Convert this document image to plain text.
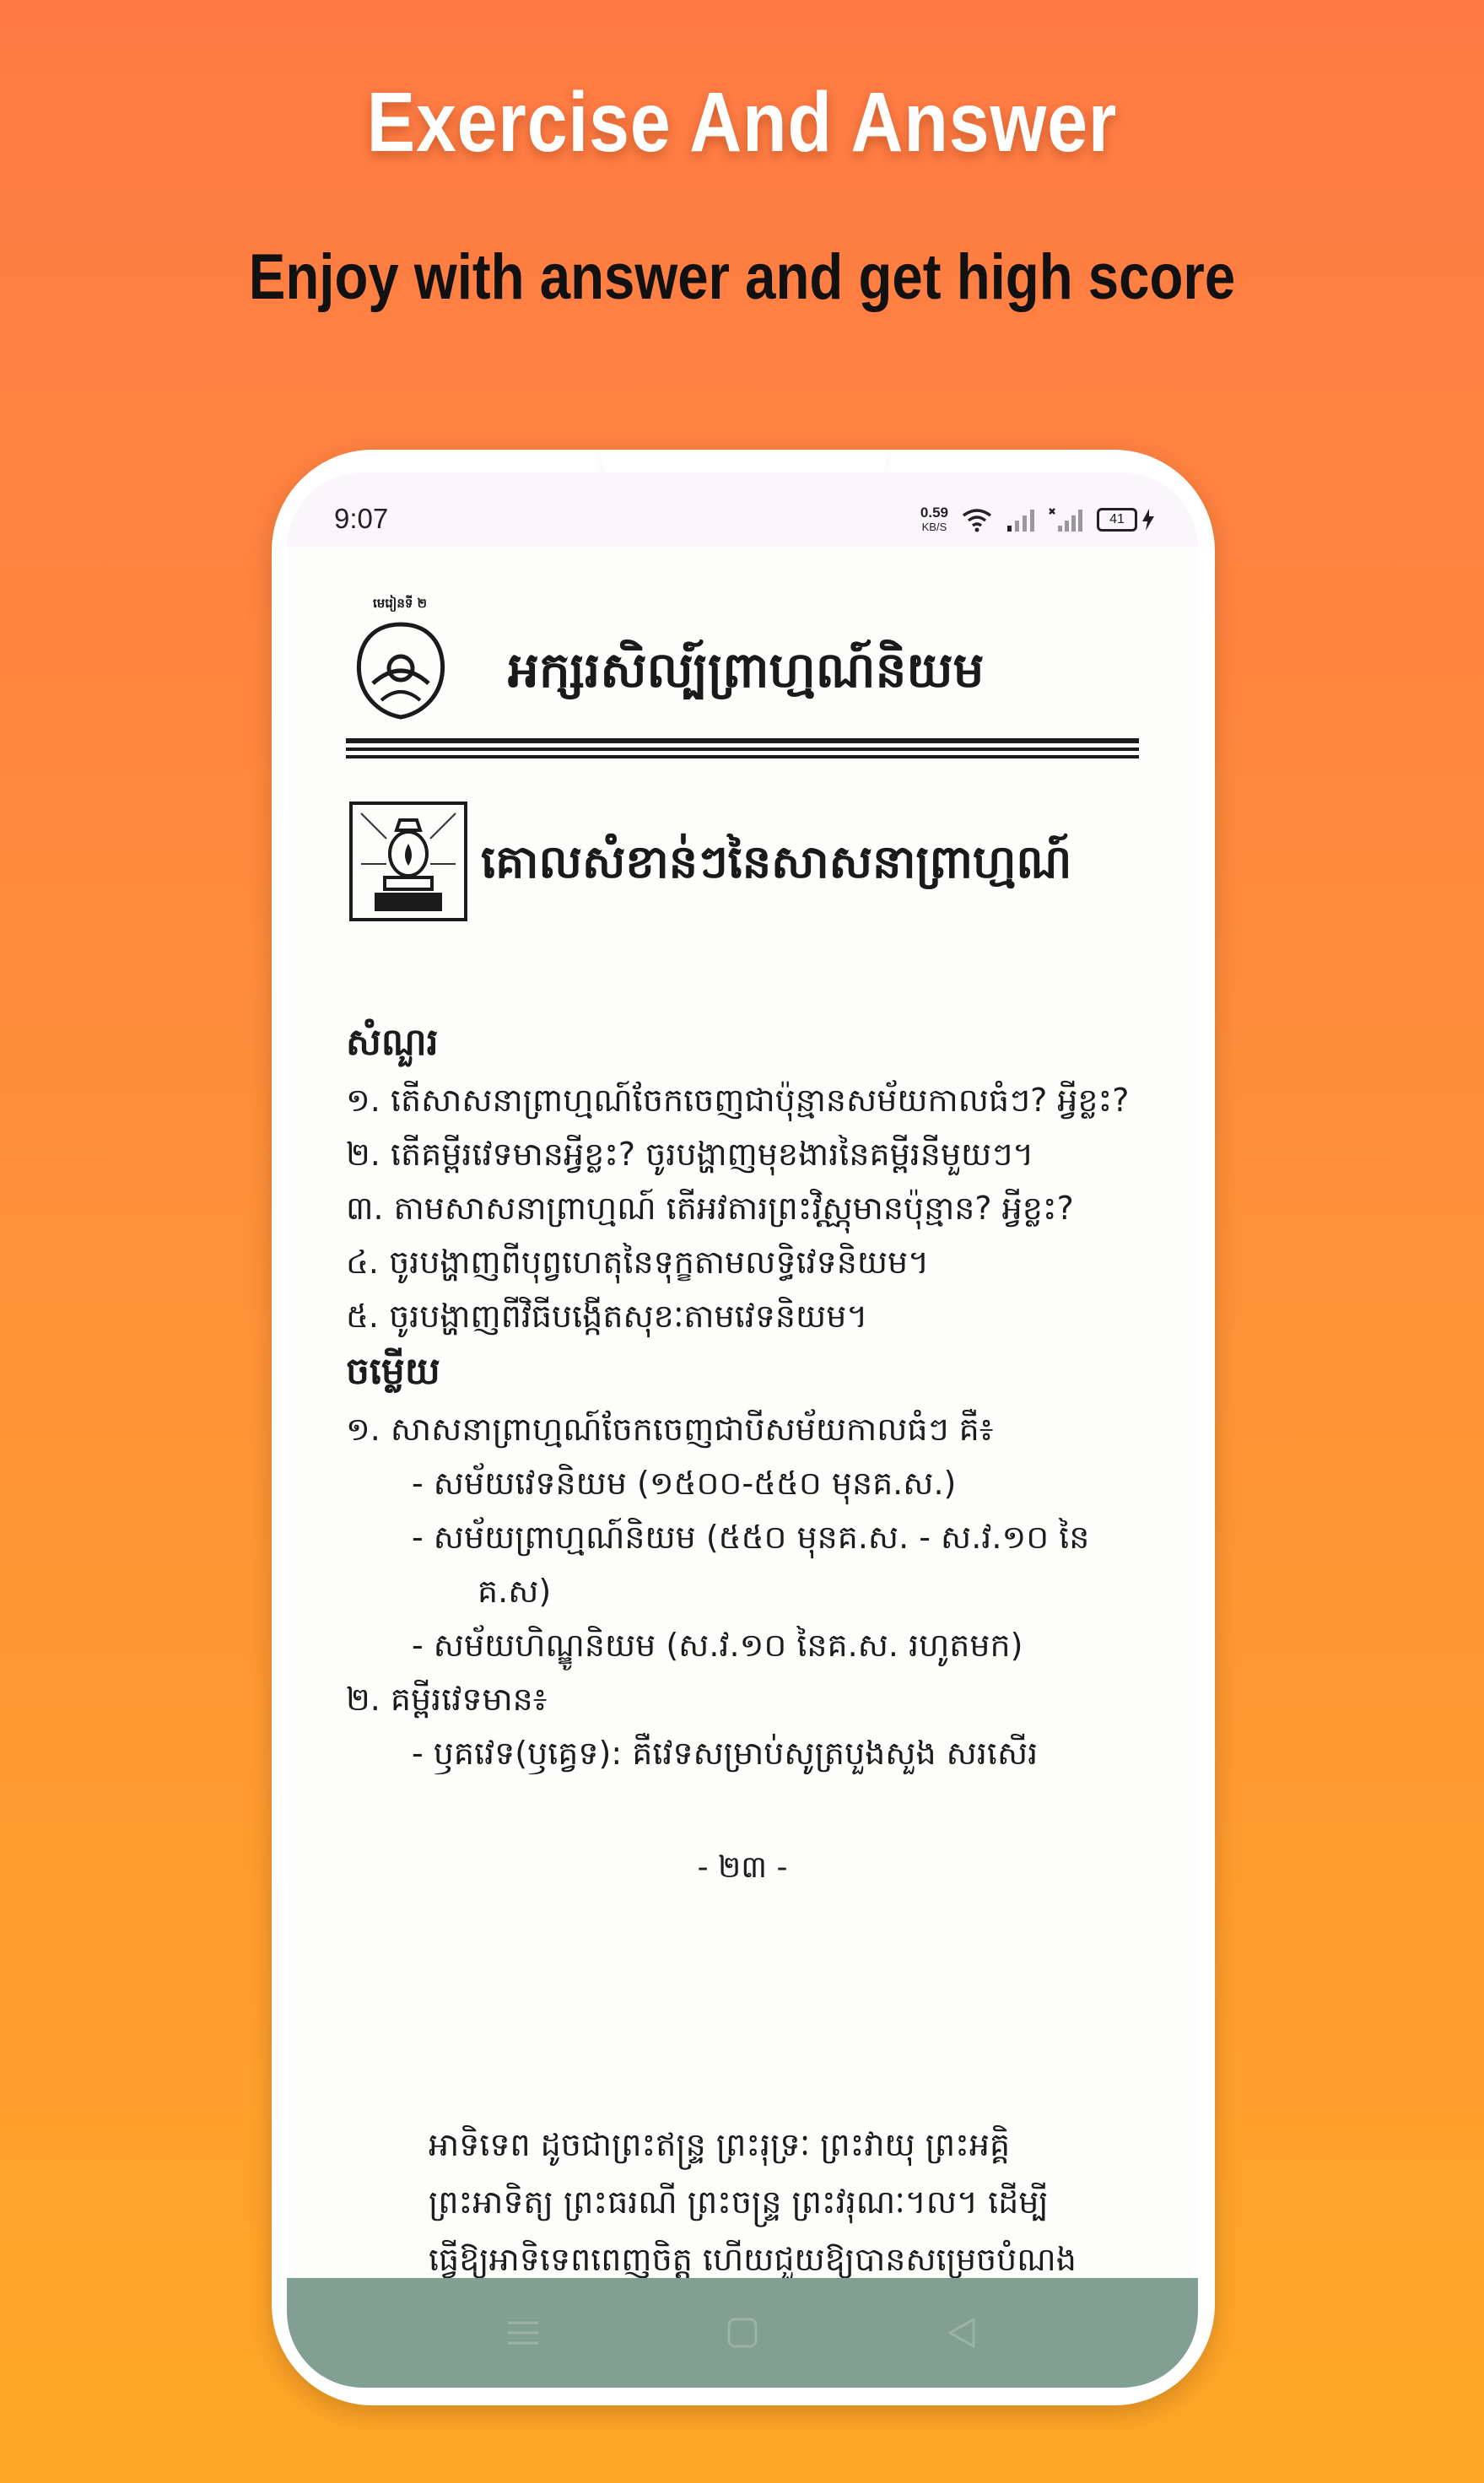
Exercise And Answer
Enjoy with answer and get high score
9:07	0.59
KB/S
41
មេរៀនទី ២
អក្សរសិល្ប៍ព្រាហ្មណ៍និយម
គោលសំខាន់ៗនៃសាសនាព្រាហ្មណ៍
សំណួរ
១. តើសាសនាព្រាហ្មណ៍ចែកចេញជាប៉ុន្មានសម័យកាលធំៗ? អ្វីខ្លះ?
២. តើគម្ពីរវេទមានអ្វីខ្លះ? ចូរបង្ហាញមុខងារនៃគម្ពីរនីមួយៗ។
៣. តាមសាសនាព្រាហ្មណ៍ តើអវតារព្រះវិស្ណុមានប៉ុន្មាន? អ្វីខ្លះ?
៤. ចូរបង្ហាញពីបុព្វហេតុនៃទុក្ខតាមលទ្ធិវេទនិយម។
៥. ចូរបង្ហាញពីវិធីបង្កើតសុខៈតាមវេទនិយម។
ចម្លើយ
១. សាសនាព្រាហ្មណ៍ចែកចេញជាបីសម័យកាលធំៗ គឺ៖
- សម័យវេទនិយម (១៥០០-៥៥០ មុនគ.ស.)
- សម័យព្រាហ្មណ៍និយម (៥៥០ មុនគ.ស. - ស.វ.១០ នៃ
គ.ស)
- សម័យហិណ្ឌូនិយម (ស.វ.១០ នៃគ.ស. រហូតមក)
២. គម្ពីរវេទមាន៖
- ឫគវេទ(ឫគ្វេទ): គឺវេទសម្រាប់សូត្របួងសួង សរសើរ
- ២៣ -
អាទិទេព ដូចជាព្រះឥន្ទ្រ ព្រះរុទ្រៈ ព្រះវាយុ ព្រះអគ្គិ
ព្រះអាទិត្យ ព្រះធរណី ព្រះចន្ទ្រ ព្រះវរុណៈ។ល។ ដើម្បី
ធ្វើឱ្យអាទិទេពពេញចិត្ត ហើយជួយឱ្យបានសម្រេចបំណង
